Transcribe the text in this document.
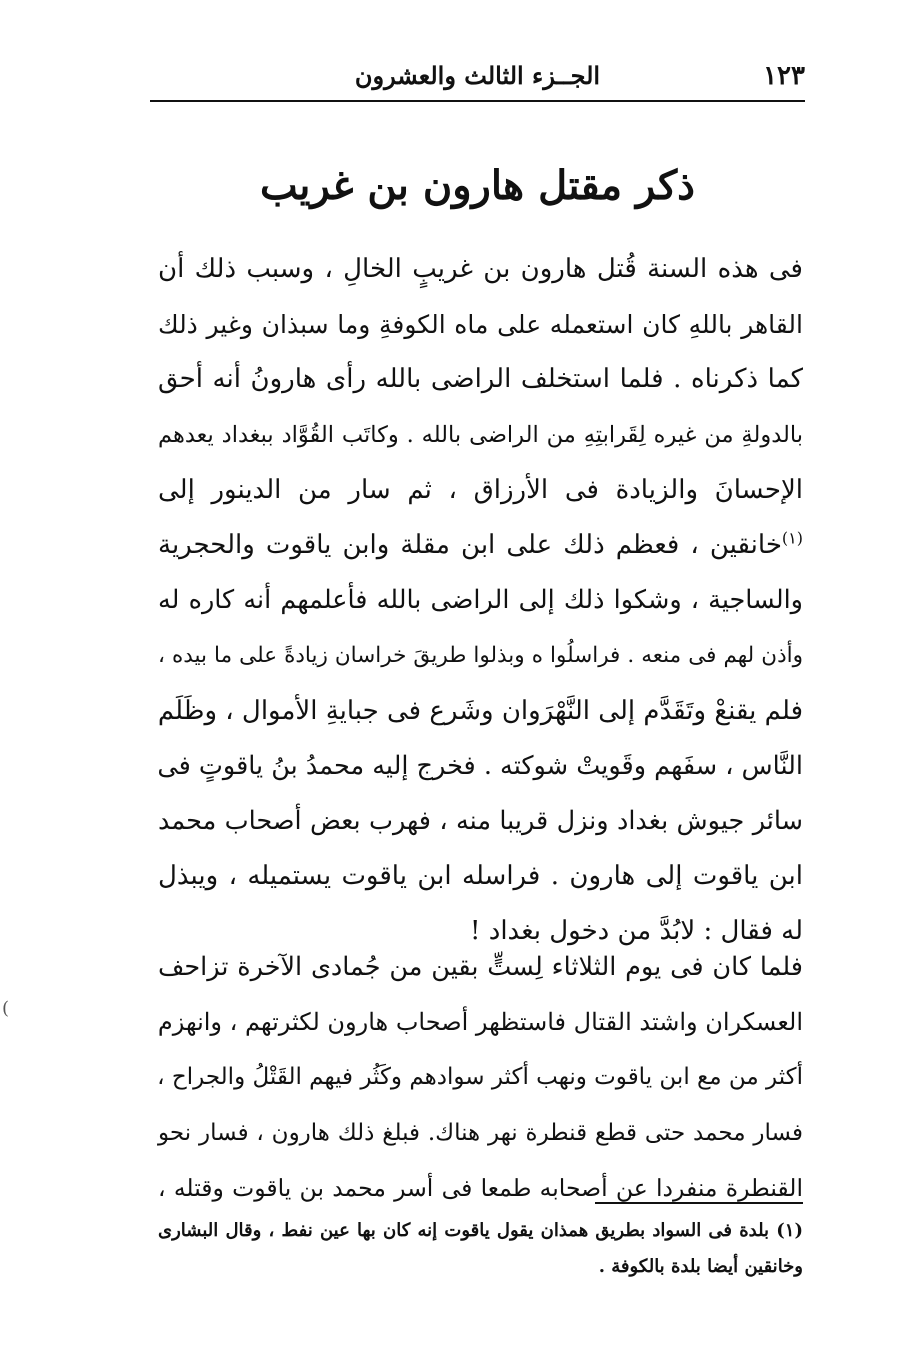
١٢٣
الجــزء الثالث والعشرون
ذكر مقتل هارون بن غريب
فى هذه السنة قُتل هارون بن غريبٍ الخالِ ، وسبب ذلك أن
القاهر باللهِ كان استعمله على ماه الكوفةِ وما سبذان وغير ذلك
كما ذكرناه . فلما استخلف الراضى بالله رأى هارونُ أنه أحق
بالدولةِ من غيره لِقَرابتِهِ من الراضى بالله . وكاتَب القُوَّاد ببغداد يعدهم
الإحسانَ والزيادة فى الأرزاق ، ثم سار من الدينور إلى
$^{(١)}$خانقين ، فعظم ذلك على ابن مقلة وابن ياقوت والحجرية
والساجية ، وشكوا ذلك إلى الراضى بالله فأعلمهم أنه كاره له
وأذن لهم فى منعه . فراسلُوا ه وبذلوا طريقَ خراسان زيادةً على ما بيده ،
فلم يقنعْ وتَقَدَّم إلى النَّهْرَوان وشَرع فى جبايةِ الأموال ، وظَلَم
النَّاس ، سفَهم وقَويتْ شوكته . فخرج إليه محمدُ بنُ ياقوتٍ فى
سائر جيوش بغداد ونزل قريبا منه ، فهرب بعض أصحاب محمد
ابن ياقوت إلى هارون . فراسله ابن ياقوت يستميله ، ويبذل
له فقال : لابُدَّ من دخول بغداد !
فلما كان فى يوم الثلاثاء لِستٍّ بقين من جُمادى الآخرة تزاحف
العسكران واشتد القتال فاستظهر أصحاب هارون لكثرتهم ، وانهزم
أكثر من مع ابن ياقوت ونهب أكثر سوادهم وكَثُر فيهم القَتْلُ والجراح ،
فسار محمد حتى قطع قنطرة نهر هناك. فبلغ ذلك هارون ، فسار نحو
القنطرة منفردا عن أصحابه طمعا فى أسر محمد بن ياقوت وقتله ،
(١) بلدة فى السواد بطريق همذان يقول ياقوت إنه كان بها عين نفط ، وقال البشارى
وخانقين أيضا بلدة بالكوفة .
(
